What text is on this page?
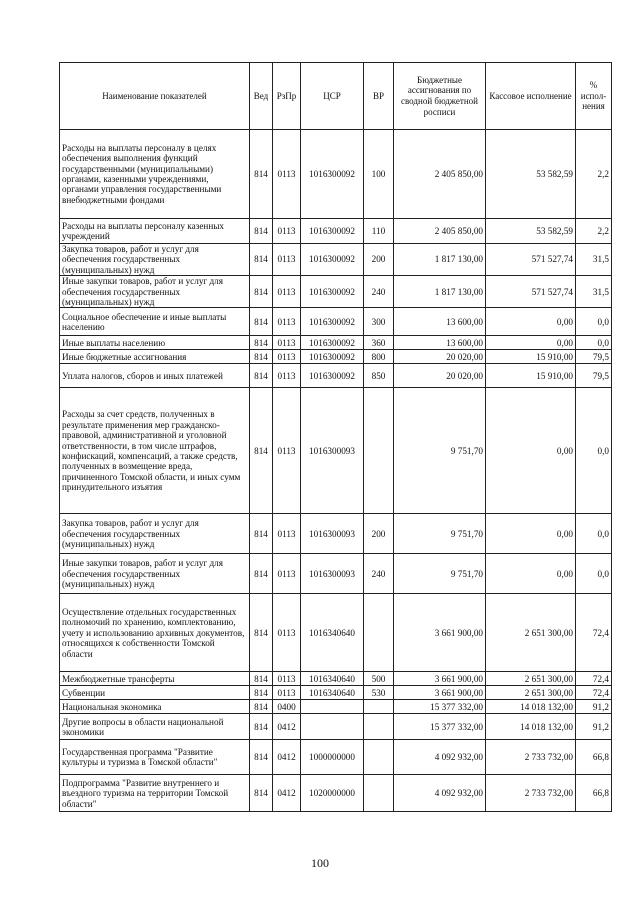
Наименование показателей	Вед	РзПр	ЦСР	ВР	Бюджетные ассигнования по сводной бюджетной росписи	Кассовое исполнение	% испол-нения
Расходы на выплаты персоналу в целях обеспечения выполнения функций государственными (муниципальными) органами, казенными учреждениями, органами управления государственными внебюджетными фондами	814	0113	1016300092	100	2 405 850,00	53 582,59	2,2
Расходы на выплаты персоналу казенных учреждений	814	0113	1016300092	110	2 405 850,00	53 582,59	2,2
Закупка товаров, работ и услуг для обеспечения государственных (муниципальных) нужд	814	0113	1016300092	200	1 817 130,00	571 527,74	31,5
Иные закупки товаров, работ и услуг для обеспечения государственных (муниципальных) нужд	814	0113	1016300092	240	1 817 130,00	571 527,74	31,5
Социальное обеспечение и иные выплаты населению	814	0113	1016300092	300	13 600,00	0,00	0,0
Иные выплаты населению	814	0113	1016300092	360	13 600,00	0,00	0,0
Иные бюджетные ассигнования	814	0113	1016300092	800	20 020,00	15 910,00	79,5
Уплата налогов, сборов и иных платежей	814	0113	1016300092	850	20 020,00	15 910,00	79,5
Расходы за счет средств, полученных в результате применения мер гражданско-правовой, административной и уголовной ответственности, в том числе штрафов, конфискаций, компенсаций, а также средств, полученных в возмещение вреда, причиненного Томской области, и иных сумм принудительного изъятия	814	0113	1016300093		9 751,70	0,00	0,0
Закупка товаров, работ и услуг для обеспечения государственных (муниципальных) нужд	814	0113	1016300093	200	9 751,70	0,00	0,0
Иные закупки товаров, работ и услуг для обеспечения государственных (муниципальных) нужд	814	0113	1016300093	240	9 751,70	0,00	0,0
Осуществление отдельных государственных полномочий по хранению, комплектованию, учету и использованию архивных документов, относящихся к собственности Томской области	814	0113	1016340640		3 661 900,00	2 651 300,00	72,4
Межбюджетные трансферты	814	0113	1016340640	500	3 661 900,00	2 651 300,00	72,4
Субвенции	814	0113	1016340640	530	3 661 900,00	2 651 300,00	72,4
Национальная экономика	814	0400			15 377 332,00	14 018 132,00	91,2
Другие вопросы в области национальной экономики	814	0412			15 377 332,00	14 018 132,00	91,2
Государственная программа "Развитие культуры и туризма в Томской области"	814	0412	1000000000		4 092 932,00	2 733 732,00	66,8
Подпрограмма "Развитие внутреннего и въездного туризма на территории Томской области"	814	0412	1020000000		4 092 932,00	2 733 732,00	66,8
100
